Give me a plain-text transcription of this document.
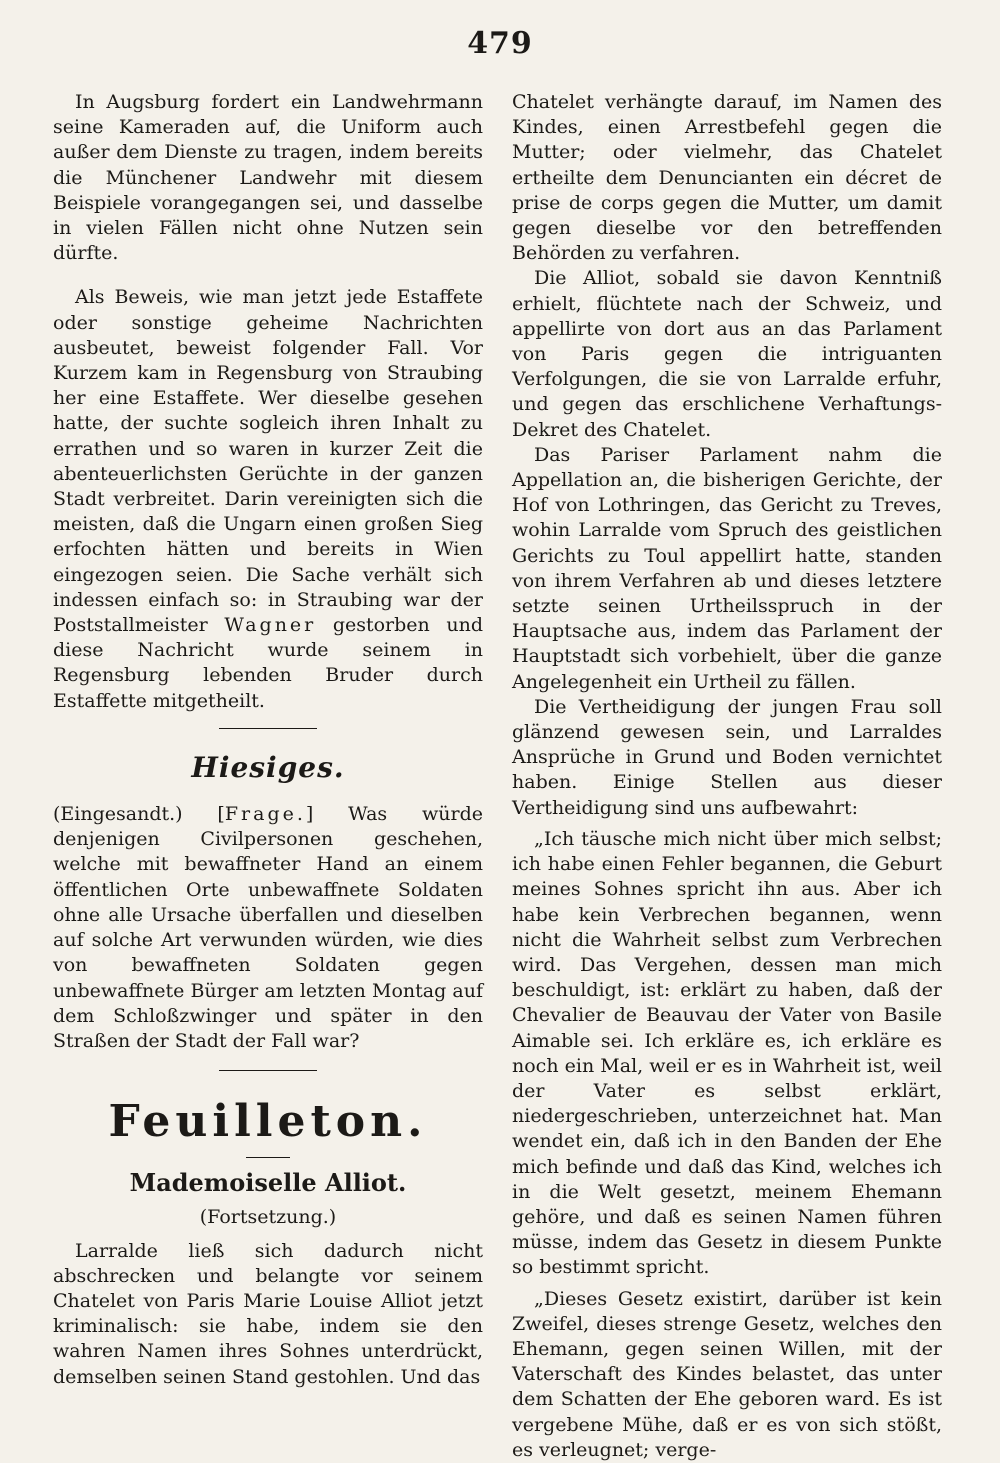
479

In Augsburg fordert ein Landwehrmann seine Kameraden auf, die Uniform auch außer dem Dienste zu tragen, indem bereits die Münchener Landwehr mit diesem Beispiele vorangegangen sei, und dasselbe in vielen Fällen nicht ohne Nutzen sein dürfte.

Als Beweis, wie man jetzt jede Estaffete oder sonstige geheime Nachrichten ausbeutet, beweist folgender Fall. Vor Kurzem kam in Regensburg von Straubing her eine Estaffete. Wer dieselbe gesehen hatte, der suchte sogleich ihren Inhalt zu errathen und so waren in kurzer Zeit die abenteuerlichsten Gerüchte in der ganzen Stadt verbreitet. Darin vereinigten sich die meisten, daß die Ungarn einen großen Sieg erfochten hätten und bereits in Wien eingezogen seien. Die Sache verhält sich indessen einfach so: in Straubing war der Poststallmeister Wagner gestorben und diese Nachricht wurde seinem in Regensburg lebenden Bruder durch Estaffette mitgetheilt.

Hiesiges.

(Eingesandt.) [Frage.] Was würde denjenigen Civilpersonen geschehen, welche mit bewaffneter Hand an einem öffentlichen Orte unbewaffnete Soldaten ohne alle Ursache überfallen und dieselben auf solche Art verwunden würden, wie dies von bewaffneten Soldaten gegen unbewaffnete Bürger am letzten Montag auf dem Schloßzwinger und später in den Straßen der Stadt der Fall war?

Feuilleton.
Mademoiselle Alliot.
(Fortsetzung.)

Larralde ließ sich dadurch nicht abschrecken und belangte vor seinem Chatelet von Paris Marie Louise Alliot jetzt kriminalisch: sie habe, indem sie den wahren Namen ihres Sohnes unterdrückt, demselben seinen Stand gestohlen. Und das

Chatelet verhängte darauf, im Namen des Kindes, einen Arrestbefehl gegen die Mutter; oder vielmehr, das Chatelet ertheilte dem Denuncianten ein décret de prise de corps gegen die Mutter, um damit gegen dieselbe vor den betreffenden Behörden zu verfahren.

Die Alliot, sobald sie davon Kenntniß erhielt, flüchtete nach der Schweiz, und appellirte von dort aus an das Parlament von Paris gegen die intriguanten Verfolgungen, die sie von Larralde erfuhr, und gegen das erschlichene Verhaftungs-Dekret des Chatelet.

Das Pariser Parlament nahm die Appellation an, die bisherigen Gerichte, der Hof von Lothringen, das Gericht zu Treves, wohin Larralde vom Spruch des geistlichen Gerichts zu Toul appellirt hatte, standen von ihrem Verfahren ab und dieses letztere setzte seinen Urtheilsspruch in der Hauptsache aus, indem das Parlament der Hauptstadt sich vorbehielt, über die ganze Angelegenheit ein Urtheil zu fällen.

Die Vertheidigung der jungen Frau soll glänzend gewesen sein, und Larraldes Ansprüche in Grund und Boden vernichtet haben. Einige Stellen aus dieser Vertheidigung sind uns aufbewahrt:

„Ich täusche mich nicht über mich selbst; ich habe einen Fehler begannen, die Geburt meines Sohnes spricht ihn aus. Aber ich habe kein Verbrechen begannen, wenn nicht die Wahrheit selbst zum Verbrechen wird. Das Vergehen, dessen man mich beschuldigt, ist: erklärt zu haben, daß der Chevalier de Beauvau der Vater von Basile Aimable sei. Ich erkläre es, ich erkläre es noch ein Mal, weil er es in Wahrheit ist, weil der Vater es selbst erklärt, niedergeschrieben, unterzeichnet hat. Man wendet ein, daß ich in den Banden der Ehe mich befinde und daß das Kind, welches ich in die Welt gesetzt, meinem Ehemann gehöre, und daß es seinen Namen führen müsse, indem das Gesetz in diesem Punkte so bestimmt spricht.

„Dieses Gesetz existirt, darüber ist kein Zweifel, dieses strenge Gesetz, welches den Ehemann, gegen seinen Willen, mit der Vaterschaft des Kindes belastet, das unter dem Schatten der Ehe geboren ward. Es ist vergebene Mühe, daß er es von sich stößt, es verleugnet; verge-
